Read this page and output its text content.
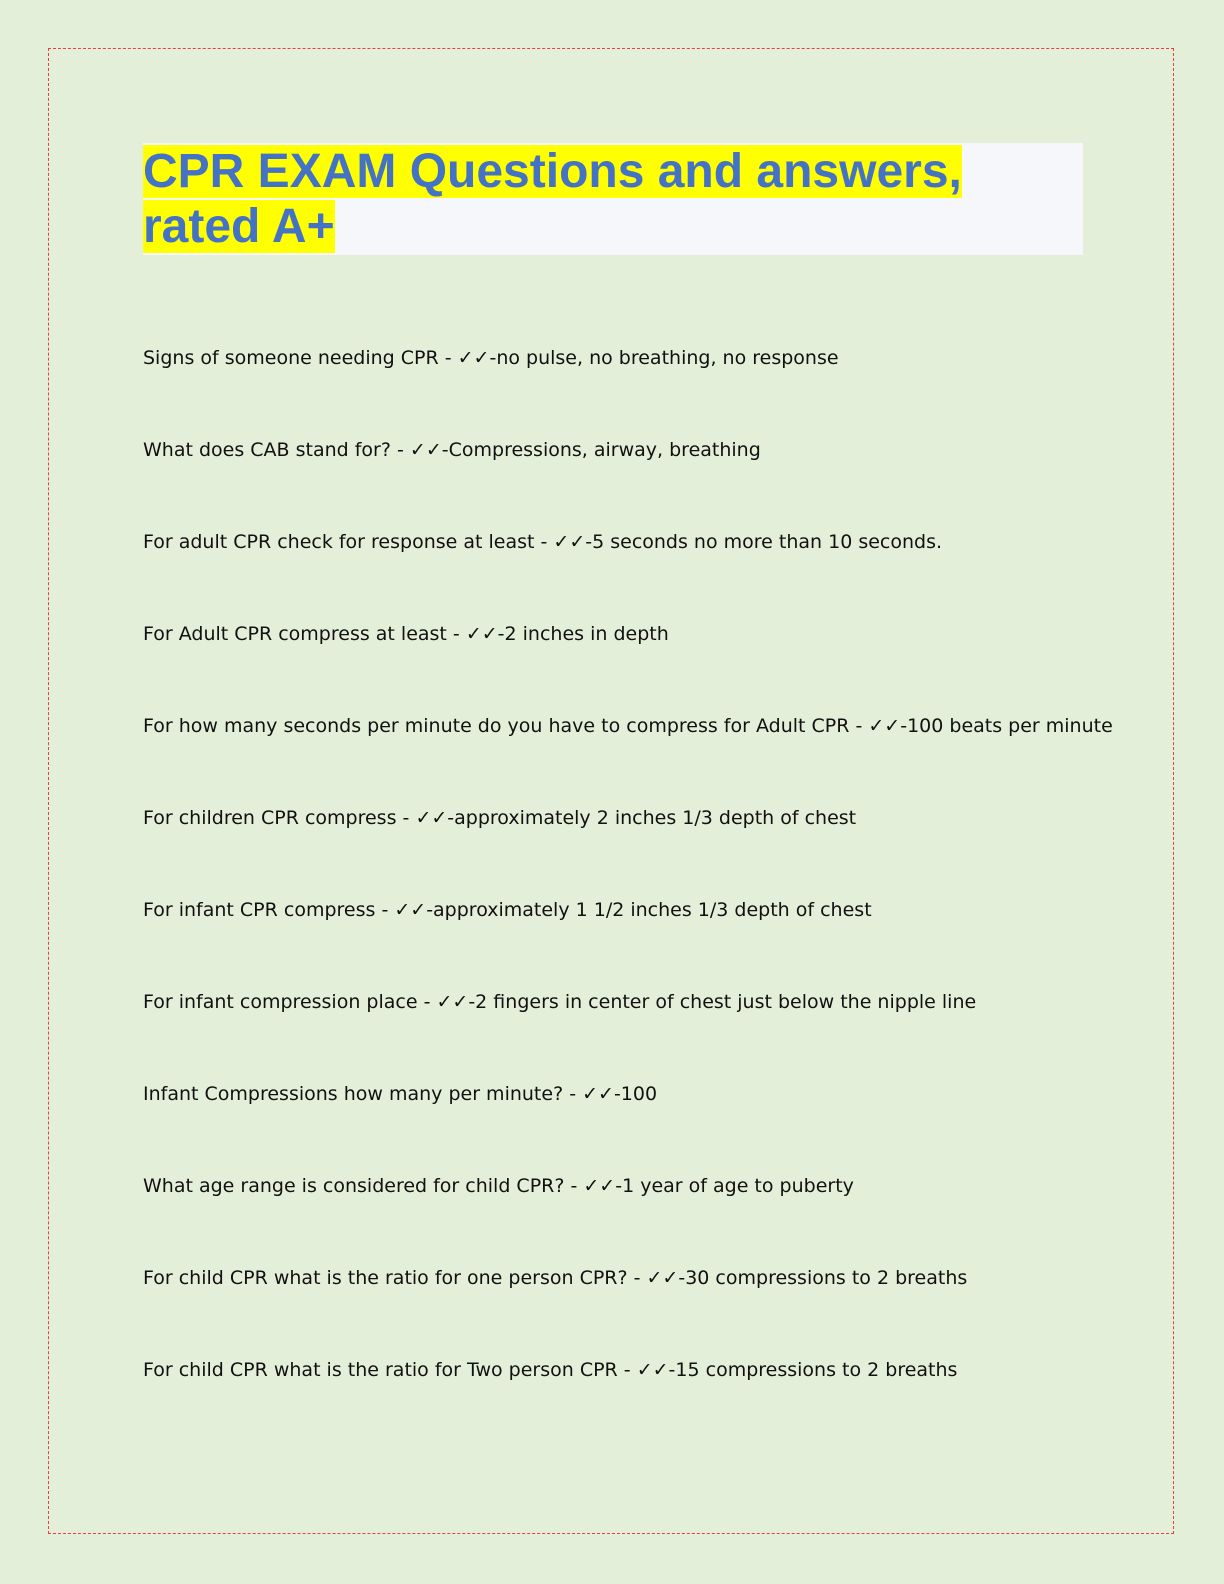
CPR EXAM Questions and answers,
rated A+
Signs of someone needing CPR - ✓✓-no pulse, no breathing, no response
What does CAB stand for? - ✓✓-Compressions, airway, breathing
For adult CPR check for response at least - ✓✓-5 seconds no more than 10 seconds.
For Adult CPR compress at least - ✓✓-2 inches in depth
For how many seconds per minute do you have to compress for Adult CPR - ✓✓-100 beats per minute
For children CPR compress - ✓✓-approximately 2 inches 1/3 depth of chest
For infant CPR compress - ✓✓-approximately 1 1/2 inches 1/3 depth of chest
For infant compression place - ✓✓-2 fingers in center of chest just below the nipple line
Infant Compressions how many per minute? - ✓✓-100
What age range is considered for child CPR? - ✓✓-1 year of age to puberty
For child CPR what is the ratio for one person CPR? - ✓✓-30 compressions to 2 breaths
For child CPR what is the ratio for Two person CPR - ✓✓-15 compressions to 2 breaths
